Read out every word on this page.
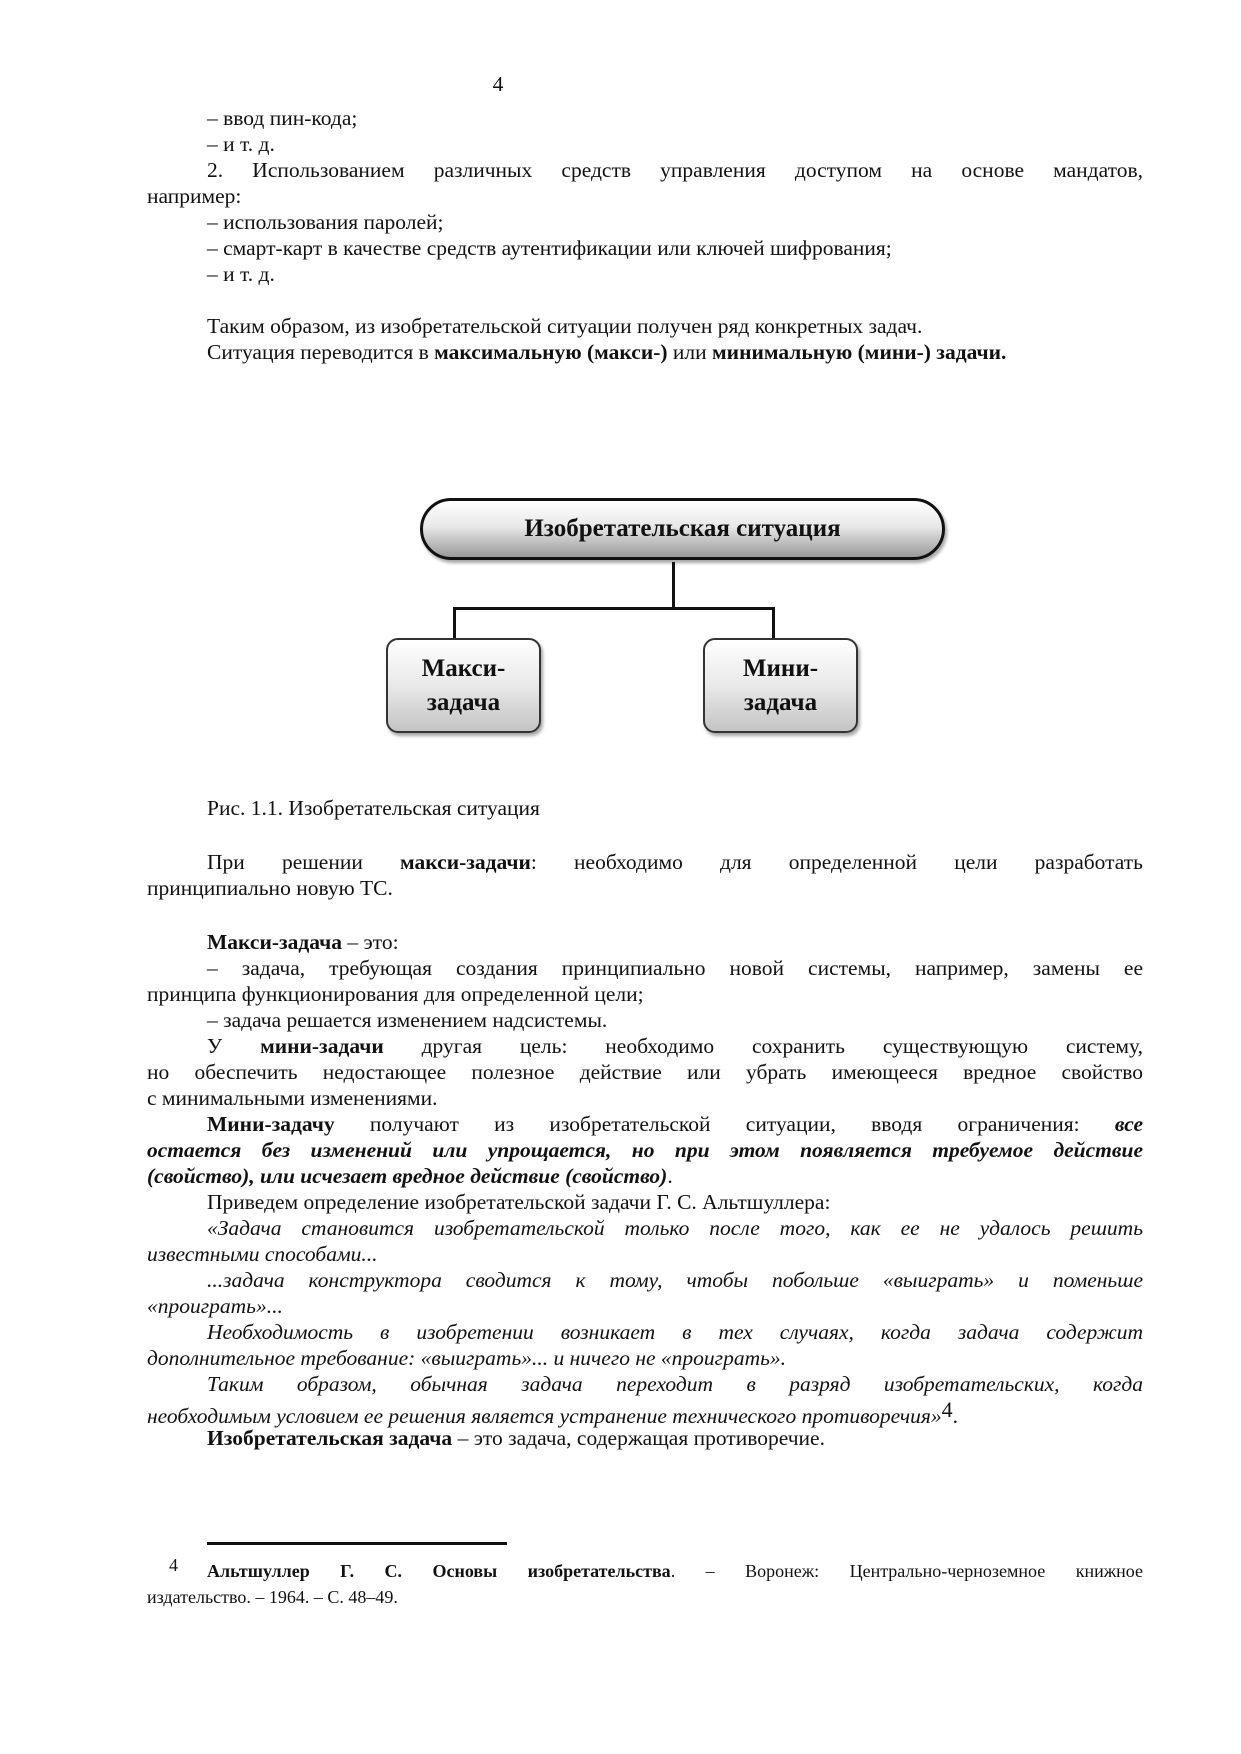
4
– ввод пин-кода;
– и т. д.
2. Использованием различных средств управления доступом на основе мандатов,
например:
– использования паролей;
– смарт-карт в качестве средств аутентификации или ключей шифрования;
– и т. д.
Таким образом, из изобретательской ситуации получен ряд конкретных задач.
Ситуация переводится в максимальную (макси-) или минимальную (мини-) задачи.
Изобретательская ситуация
Макси-
задача
Мини-
задача
Рис. 1.1. Изобретательская ситуация
При решении макси-задачи: необходимо для определенной цели разработать
принципиально новую ТС.
Макси-задача – это:
– задача, требующая создания принципиально новой системы, например, замены ее
принципа функционирования для определенной цели;
– задача решается изменением надсистемы.
У мини-задачи другая цель: необходимо сохранить существующую систему,
но обеспечить недостающее полезное действие или убрать имеющееся вредное свойство
с минимальными изменениями.
Мини-задачу получают из изобретательской ситуации, вводя ограничения: все
остается без изменений или упрощается, но при этом появляется требуемое действие
(свойство), или исчезает вредное действие (свойство).
Приведем определение изобретательской задачи Г. С. Альтшуллера:
«Задача становится изобретательской только после того, как ее не удалось решить
известными способами...
...задача конструктора сводится к тому, чтобы побольше «выиграть» и поменьше
«проиграть»...
Необходимость в изобретении возникает в тех случаях, когда задача содержит
дополнительное требование: «выиграть»... и ничего не «проиграть».
Таким образом, обычная задача переходит в разряд изобретательских, когда
необходимым условием ее решения является устранение технического противоречия»$^4$.
Изобретательская задача – это задача, содержащая противоречие.
4 Альтшуллер Г. С. Основы изобретательства. – Воронеж: Центрально-черноземное книжное
издательство. – 1964. – С. 48–49.
